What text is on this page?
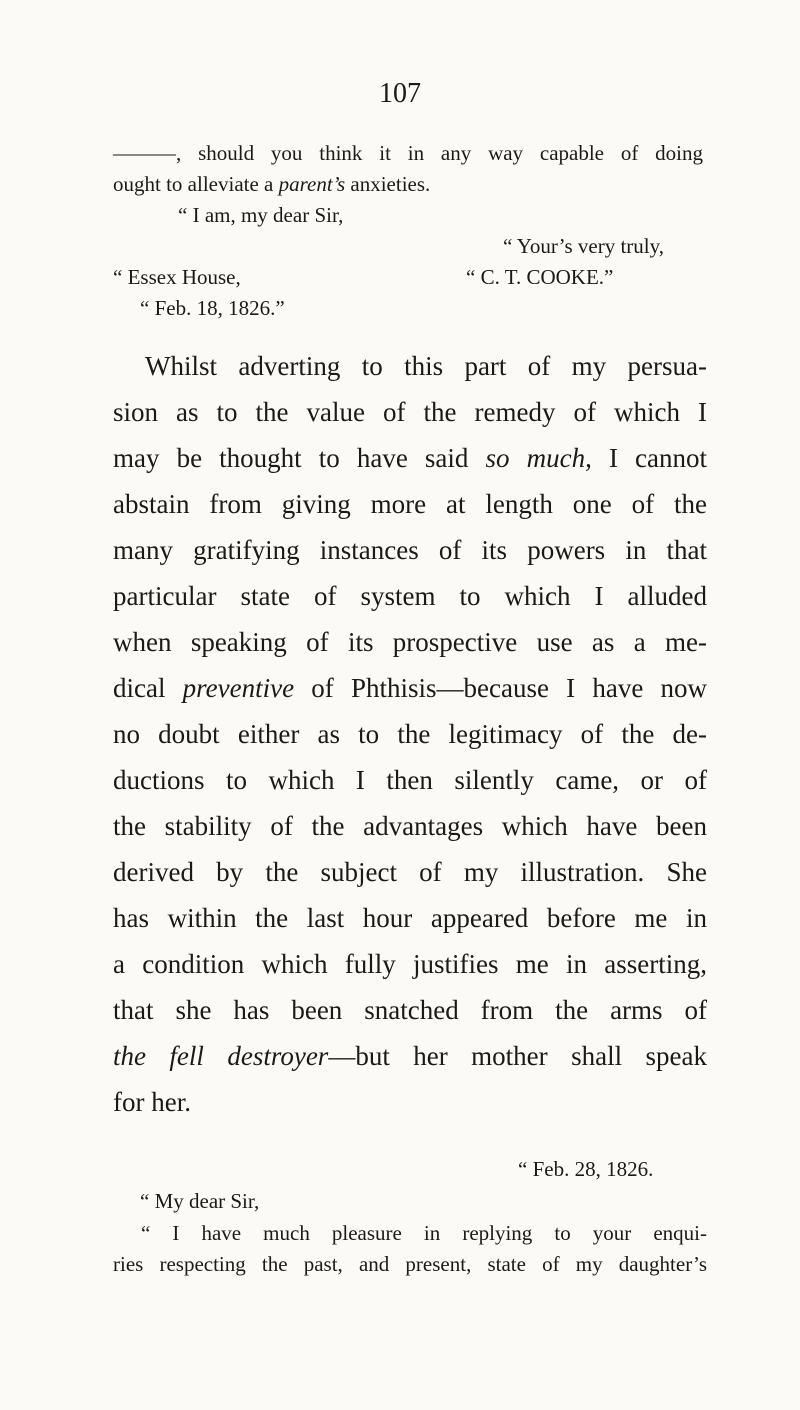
107
———, should you think it in any way capable of doing
ought to alleviate a parent’s anxieties.
“ I am, my dear Sir,
“ Your’s very truly,
“ Essex House,	“ C. T. COOKE.”
“ Feb. 18, 1826.”
Whilst adverting to this part of my persua-
sion as to the value of the remedy of which I
may be thought to have said so much, I cannot
abstain from giving more at length one of the
many gratifying instances of its powers in that
particular state of system to which I alluded
when speaking of its prospective use as a me-
dical preventive of Phthisis—because I have now
no doubt either as to the legitimacy of the de-
ductions to which I then silently came, or of
the stability of the advantages which have been
derived by the subject of my illustration. She
has within the last hour appeared before me in
a condition which fully justifies me in asserting,
that she has been snatched from the arms of
the fell destroyer—but her mother shall speak
for her.
“ Feb. 28, 1826.
“ My dear Sir,
“ I have much pleasure in replying to your enqui-
ries respecting the past, and present, state of my daughter’s
